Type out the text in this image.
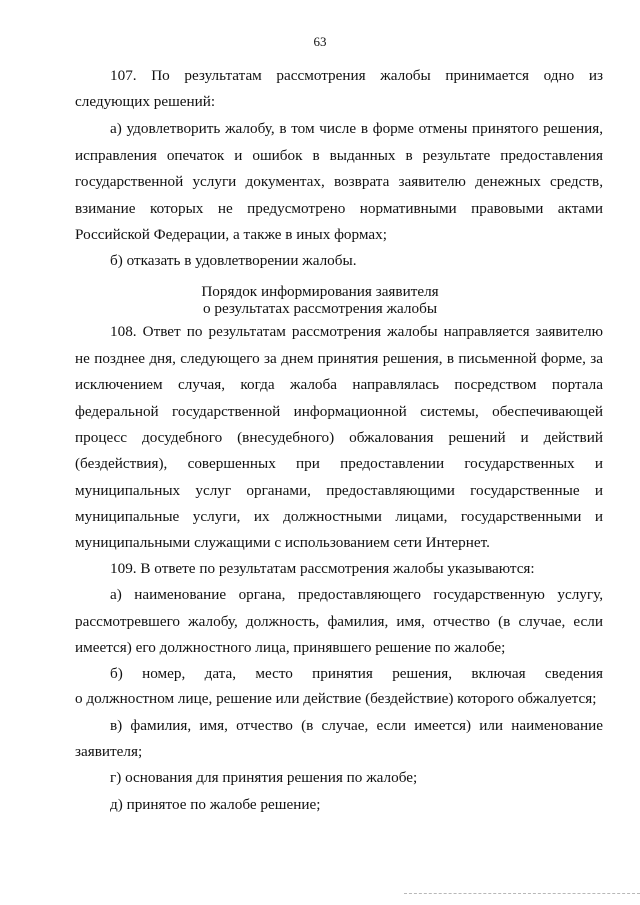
63
107. По результатам рассмотрения жалобы принимается одно из
следующих решений:
а) удовлетворить жалобу, в том числе в форме отмены принятого решения,
исправления опечаток и ошибок в выданных в результате предоставления
государственной услуги документах, возврата заявителю денежных средств,
взимание которых не предусмотрено нормативными правовыми актами
Российской Федерации, а также в иных формах;
б) отказать в удовлетворении жалобы.
Порядок информирования заявителя
о результатах рассмотрения жалобы
108. Ответ по результатам рассмотрения жалобы направляется заявителю
не позднее дня, следующего за днем принятия решения, в письменной форме, за
исключением случая, когда жалоба направлялась посредством портала
федеральной государственной информационной системы, обеспечивающей
процесс досудебного (внесудебного) обжалования решений и действий
(бездействия), совершенных при предоставлении государственных и
муниципальных услуг органами, предоставляющими государственные и
муниципальные услуги, их должностными лицами, государственными и
муниципальными служащими с использованием сети Интернет.
109. В ответе по результатам рассмотрения жалобы указываются:
а) наименование органа, предоставляющего государственную услугу,
рассмотревшего жалобу, должность, фамилия, имя, отчество (в случае, если
имеется) его должностного лица, принявшего решение по жалобе;
б) номер, дата, место принятия решения, включая сведения
о должностном лице, решение или действие (бездействие) которого обжалуется;
в) фамилия, имя, отчество (в случае, если имеется) или наименование
заявителя;
г) основания для принятия решения по жалобе;
д) принятое по жалобе решение;
